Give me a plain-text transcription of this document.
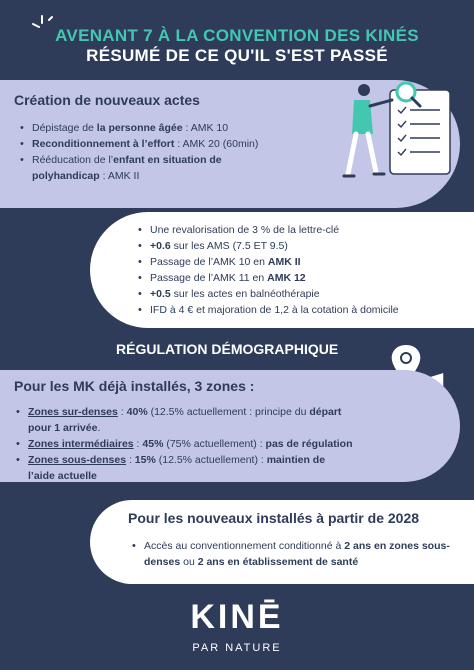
AVENANT 7 À LA CONVENTION DES KINÉS
RÉSUMÉ DE CE QU'IL S'EST PASSÉ
Création de nouveaux actes
• Dépistage de la personne âgée : AMK 10
• Reconditionnement à l’effort : AMK 20 (60min)
• Rééducation de l’enfant en situation de polyhandicap : AMK II
• Une revalorisation de 3 % de la lettre-clé
• +0.6 sur les AMS (7.5 ET 9.5)
• Passage de l’AMK 10 en AMK II
• Passage de l’AMK 11 en AMK 12
• +0.5 sur les actes en balnéothérapie
• IFD à 4 € et majoration de 1,2 à la cotation à domicile
RÉGULATION DÉMOGRAPHIQUE
Pour les MK déjà installés, 3 zones :
• Zones sur-denses : 40% (12.5% actuellement : principe du départ pour 1 arrivée.
• Zones intermédiaires : 45% (75% actuellement) : pas de régulation
• Zones sous-denses : 15% (12.5% actuellement) : maintien de l’aide actuelle
Pour les nouveaux installés à partir de 2028
• Accès au conventionnement conditionné à 2 ans en zones sous-denses ou 2 ans en établissement de santé
KINĒ
PAR NATURE
